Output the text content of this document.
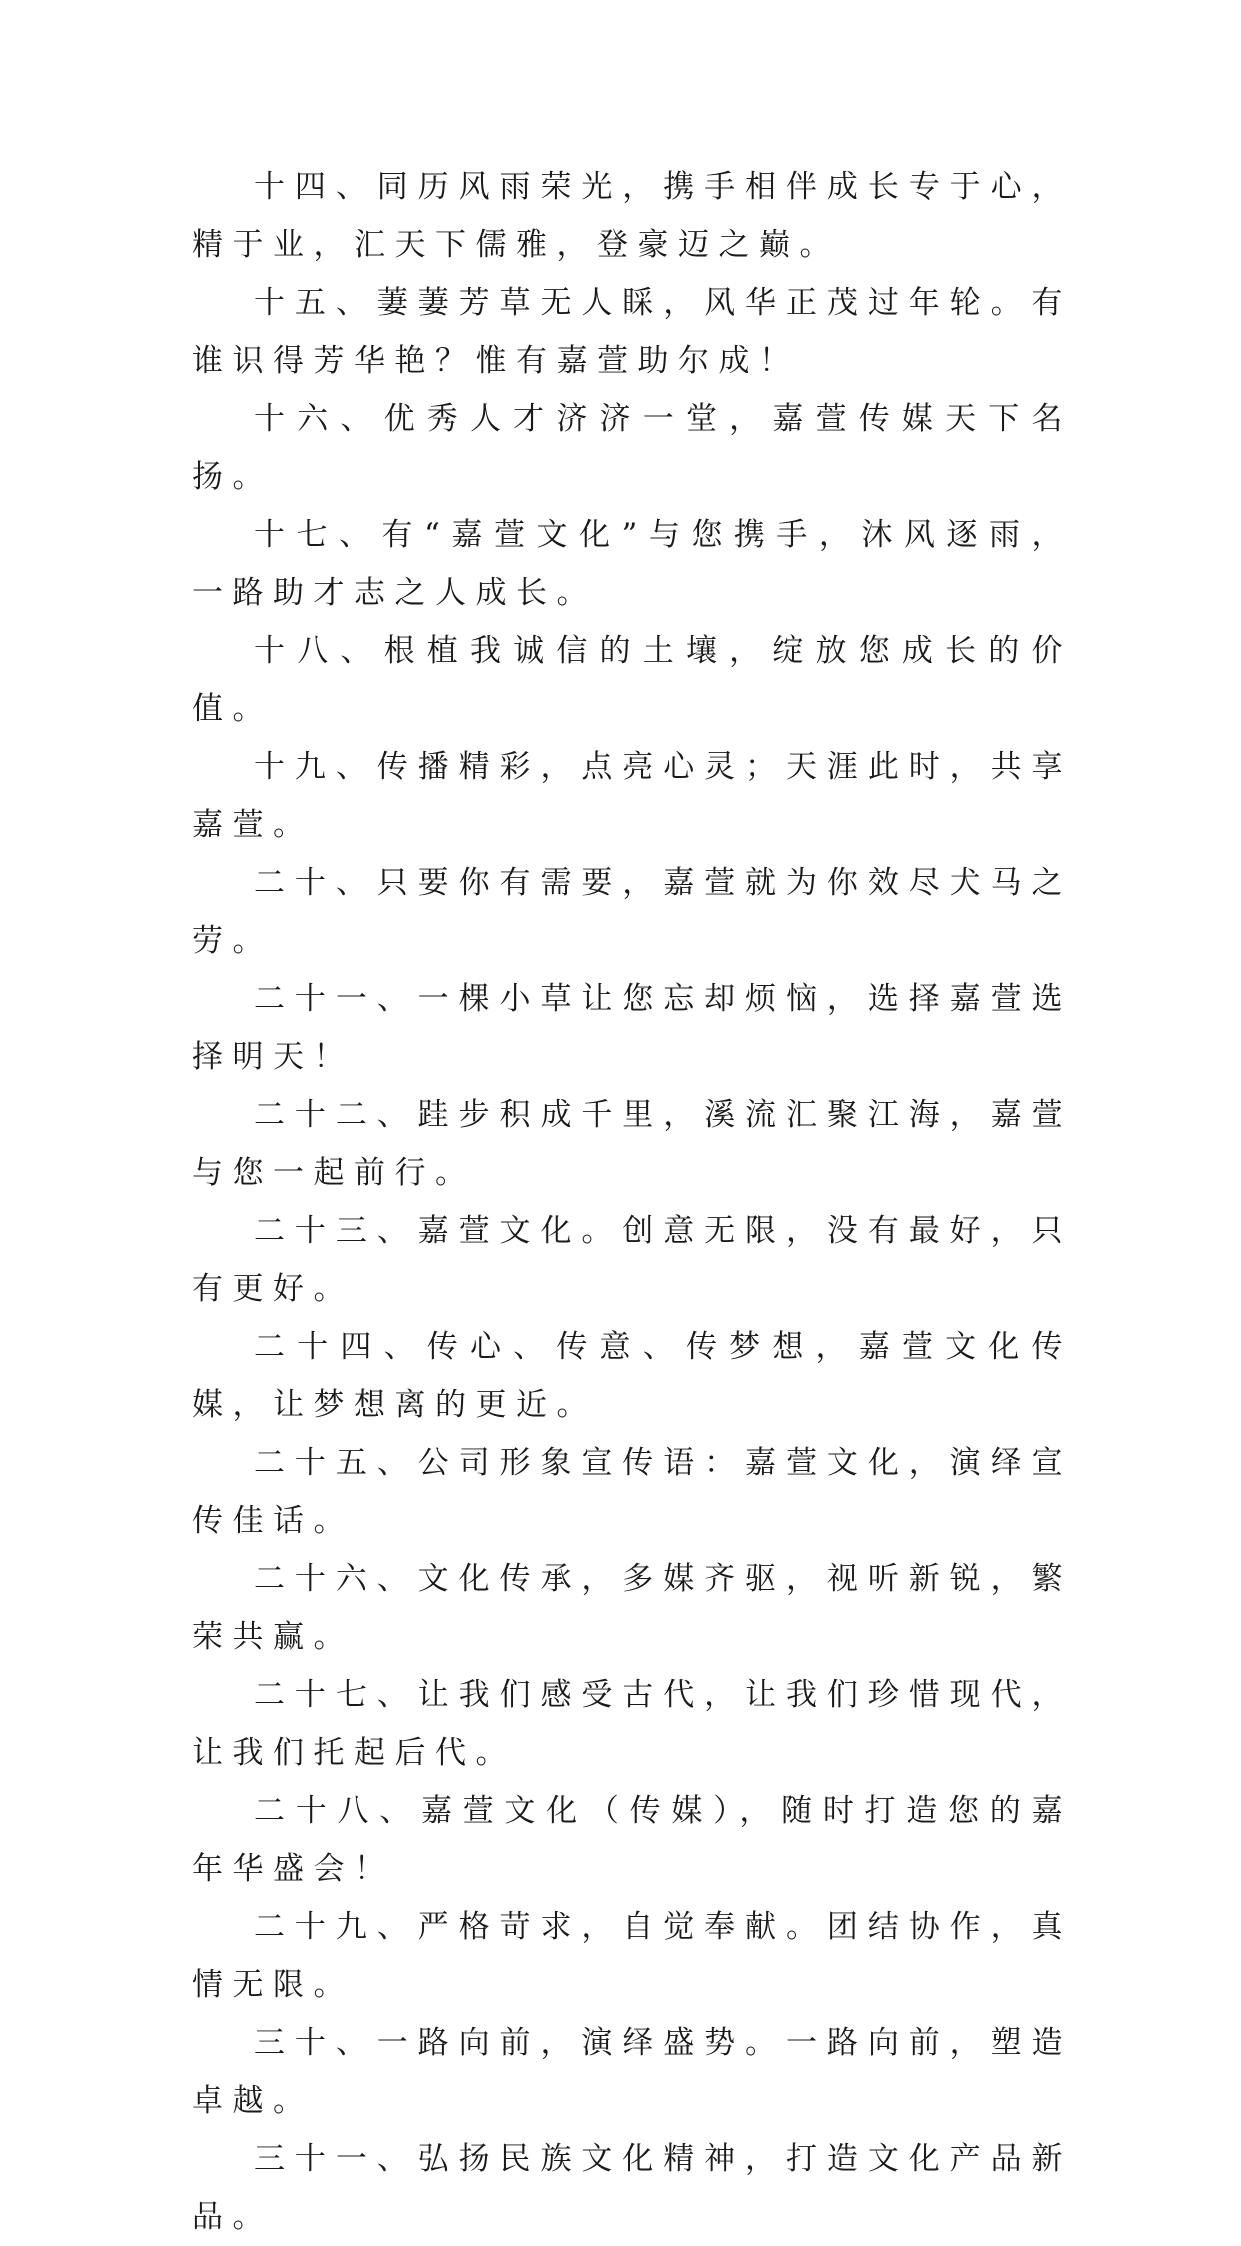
十四、同历风雨荣光，携手相伴成长专于心，精于业，汇天下儒雅，登豪迈之巅。

十五、萋萋芳草无人睬，风华正茂过年轮。有谁识得芳华艳？惟有嘉萱助尔成！

十六、优秀人才济济一堂，嘉萱传媒天下名扬。

十七、有“嘉萱文化”与您携手，沐风逐雨，一路助才志之人成长。

十八、根植我诚信的土壤，绽放您成长的价值。

十九、传播精彩，点亮心灵；天涯此时，共享嘉萱。

二十、只要你有需要，嘉萱就为你效尽犬马之劳。

二十一、一棵小草让您忘却烦恼，选择嘉萱选择明天！

二十二、跬步积成千里，溪流汇聚江海，嘉萱与您一起前行。

二十三、嘉萱文化。创意无限，没有最好，只有更好。

二十四、传心、传意、传梦想，嘉萱文化传媒，让梦想离的更近。

二十五、公司形象宣传语：嘉萱文化，演绎宣传佳话。

二十六、文化传承，多媒齐驱，视听新锐，繁荣共赢。

二十七、让我们感受古代，让我们珍惜现代，让我们托起后代。

二十八、嘉萱文化（传媒），随时打造您的嘉年华盛会！

二十九、严格苛求，自觉奉献。团结协作，真情无限。

三十、一路向前，演绎盛势。一路向前，塑造卓越。

三十一、弘扬民族文化精神，打造文化产品新品。
